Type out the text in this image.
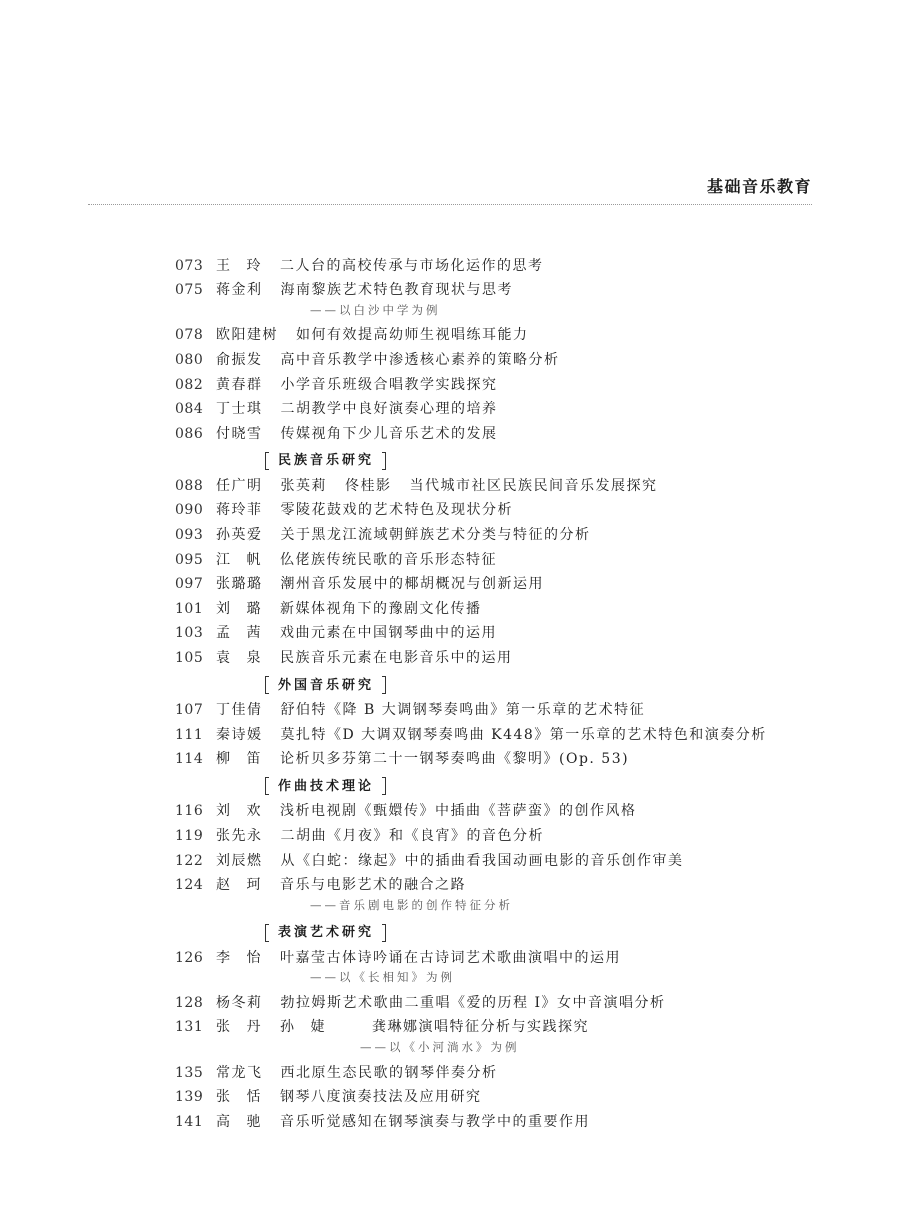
基础音乐教育
073 王 玲 二人台的高校传承与市场化运作的思考
075 蒋金利 海南黎族艺术特色教育现状与思考
——以白沙中学为例
078 欧阳建树 如何有效提高幼师生视唱练耳能力
080 俞振发 高中音乐教学中渗透核心素养的策略分析
082 黄春群 小学音乐班级合唱教学实践探究
084 丁士琪 二胡教学中良好演奏心理的培养
086 付晓雪 传媒视角下少儿音乐艺术的发展
民族音乐研究
088 任广明 张英莉 佟桂影 当代城市社区民族民间音乐发展探究
090 蒋玲菲 零陵花鼓戏的艺术特色及现状分析
093 孙英爱 关于黑龙江流域朝鲜族艺术分类与特征的分析
095 江 帆 仫佬族传统民歌的音乐形态特征
097 张璐璐 潮州音乐发展中的椰胡概况与创新运用
101 刘 璐 新媒体视角下的豫剧文化传播
103 孟 茜 戏曲元素在中国钢琴曲中的运用
105 袁 泉 民族音乐元素在电影音乐中的运用
外国音乐研究
107 丁佳倩 舒伯特《降 B 大调钢琴奏鸣曲》第一乐章的艺术特征
111 秦诗媛 莫扎特《D 大调双钢琴奏鸣曲 K448》第一乐章的艺术特色和演奏分析
114 柳 笛 论析贝多芬第二十一钢琴奏鸣曲《黎明》(Op. 53)
作曲技术理论
116 刘 欢 浅析电视剧《甄嬛传》中插曲《菩萨蛮》的创作风格
119 张先永 二胡曲《月夜》和《良宵》的音色分析
122 刘辰燃 从《白蛇：缘起》中的插曲看我国动画电影的音乐创作审美
124 赵 珂 音乐与电影艺术的融合之路
——音乐剧电影的创作特征分析
表演艺术研究
126 李 怡 叶嘉莹古体诗吟诵在古诗词艺术歌曲演唱中的运用
——以《长相知》为例
128 杨冬莉 勃拉姆斯艺术歌曲二重唱《爱的历程 I》女中音演唱分析
131 张 丹 孙 婕	龚琳娜演唱特征分析与实践探究
——以《小河淌水》为例
135 常龙飞 西北原生态民歌的钢琴伴奏分析
139 张 恬 钢琴八度演奏技法及应用研究
141 高 驰 音乐听觉感知在钢琴演奏与教学中的重要作用
